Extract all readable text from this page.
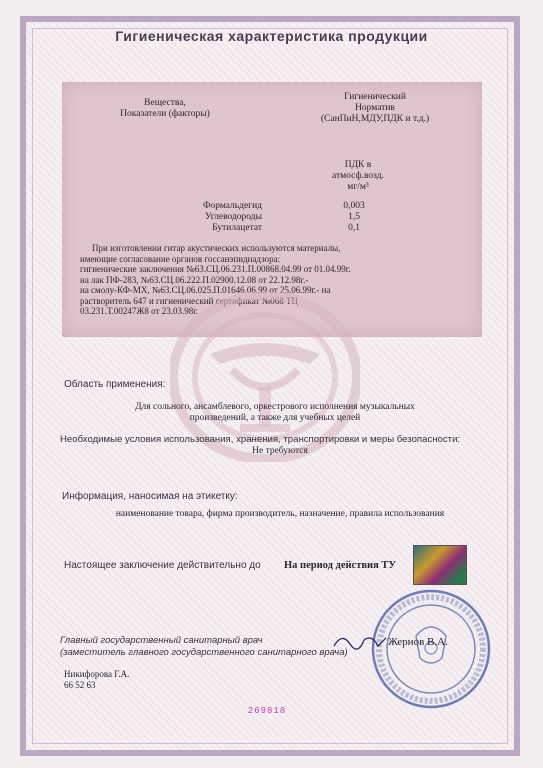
Гигиеническая характеристика продукции
Вещества,
Показатели (факторы)
Гигиенический
Норматив
(СанПиН,МДУ,ПДК и т.д.)
ПДК в
атмосф.возд.
мг/м³
Формальдегид	0,003
Углеводороды	1,5
Бутилацетат	0,1
При изготовлении гитар акустических используются материалы,
имеющие согласование органов госсанэпиднадзора:
гигиенические заключения №63.СЦ.06.231.П.00868.04.99 от 01.04.99г.
на лак ПФ-283, №63.СЦ.06.222.П.02900.12.08 от 22.12.98г.-
на смолу-КФ-МХ, №63.СЦ.06.025.П.01646.06.99 от 25.06.99г.- на
растворитель 647 и гигиенический сертификат №068 ТЦ
03.231.Т.00247Ж8 от 23.03.98г.
Область применения:
Для сольного, ансамблевого, оркестрового исполнения музыкальных
произведений, а также для учебных целей
Необходимые условия использования, хранения, транспортировки и меры безопасности:
Не требуются
Информация, наносимая на этикетку:
наименование товара, фирма производитель, назначение, правила использования
Настоящее заключение действительно до На период действия ТУ
Главный государственный санитарный врач
(заместитель главного государственного санитарного врача)
Жернов В.А.
Никифорова Г.А.
66 52 63
269818
